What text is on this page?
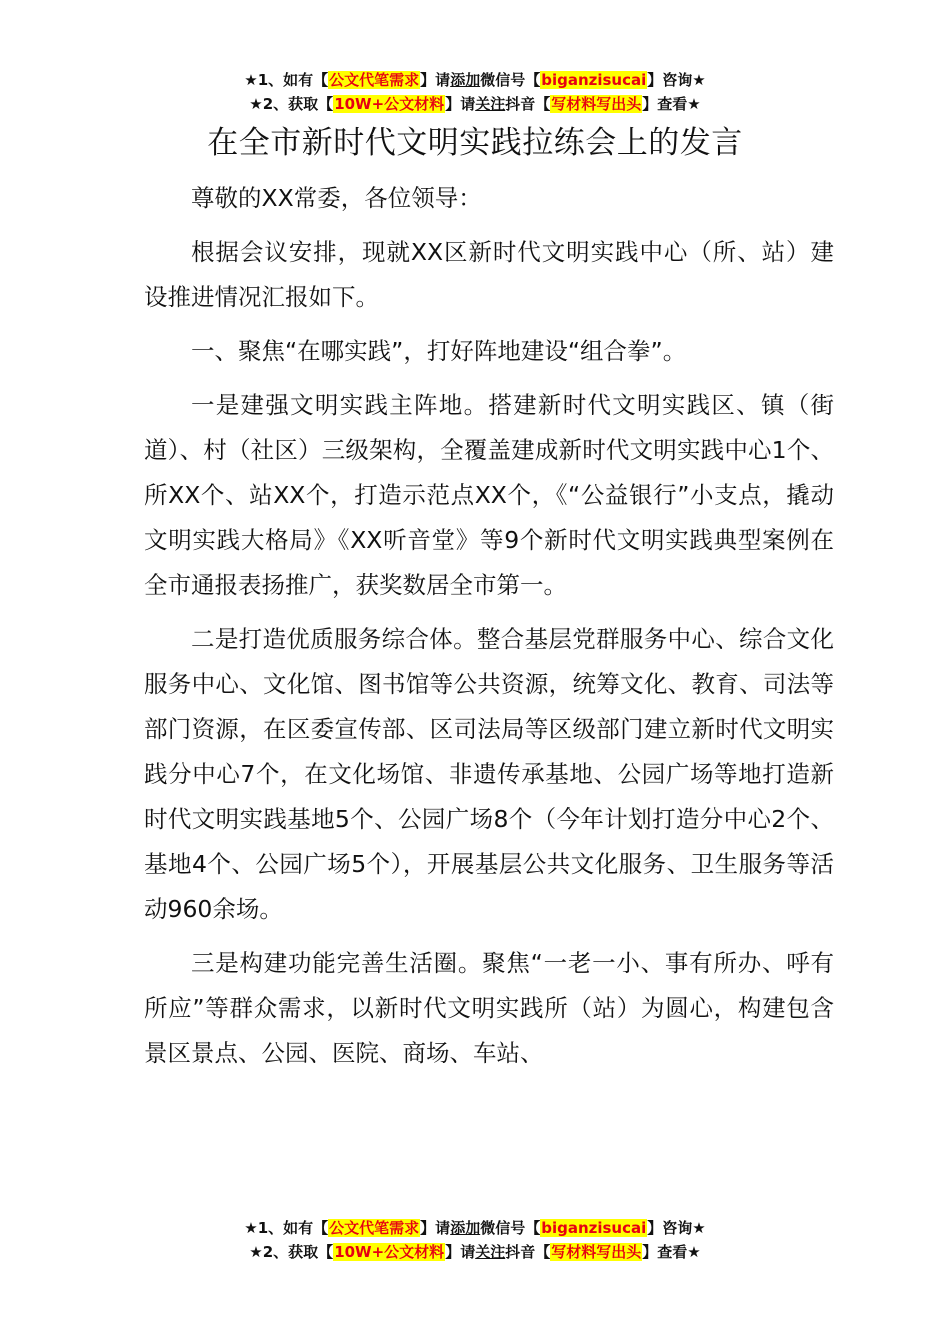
★1、如有【公文代笔需求】请添加微信号【biganzisucai】咨询★
★2、获取【10W+公文材料】请关注抖音【写材料写出头】查看★
在全市新时代文明实践拉练会上的发言

尊敬的XX常委，各位领导：

根据会议安排，现就XX区新时代文明实践中心（所、站）建设推进情况汇报如下。

一、聚焦“在哪实践”，打好阵地建设“组合拳”。

一是建强文明实践主阵地。搭建新时代文明实践区、镇（街道）、村（社区）三级架构，全覆盖建成新时代文明实践中心1个、所XX个、站XX个，打造示范点XX个，《“公益银行”小支点，撬动文明实践大格局》《XX听音堂》等9个新时代文明实践典型案例在全市通报表扬推广，获奖数居全市第一。

二是打造优质服务综合体。整合基层党群服务中心、综合文化服务中心、文化馆、图书馆等公共资源，统筹文化、教育、司法等部门资源，在区委宣传部、区司法局等区级部门建立新时代文明实践分中心7个，在文化场馆、非遗传承基地、公园广场等地打造新时代文明实践基地5个、公园广场8个（今年计划打造分中心2个、基地4个、公园广场5个），开展基层公共文化服务、卫生服务等活动960余场。

三是构建功能完善生活圈。聚焦“一老一小、事有所办、呼有所应”等群众需求，以新时代文明实践所（站）为圆心，构建包含景区景点、公园、医院、商场、车站、

★1、如有【公文代笔需求】请添加微信号【biganzisucai】咨询★
★2、获取【10W+公文材料】请关注抖音【写材料写出头】查看★
